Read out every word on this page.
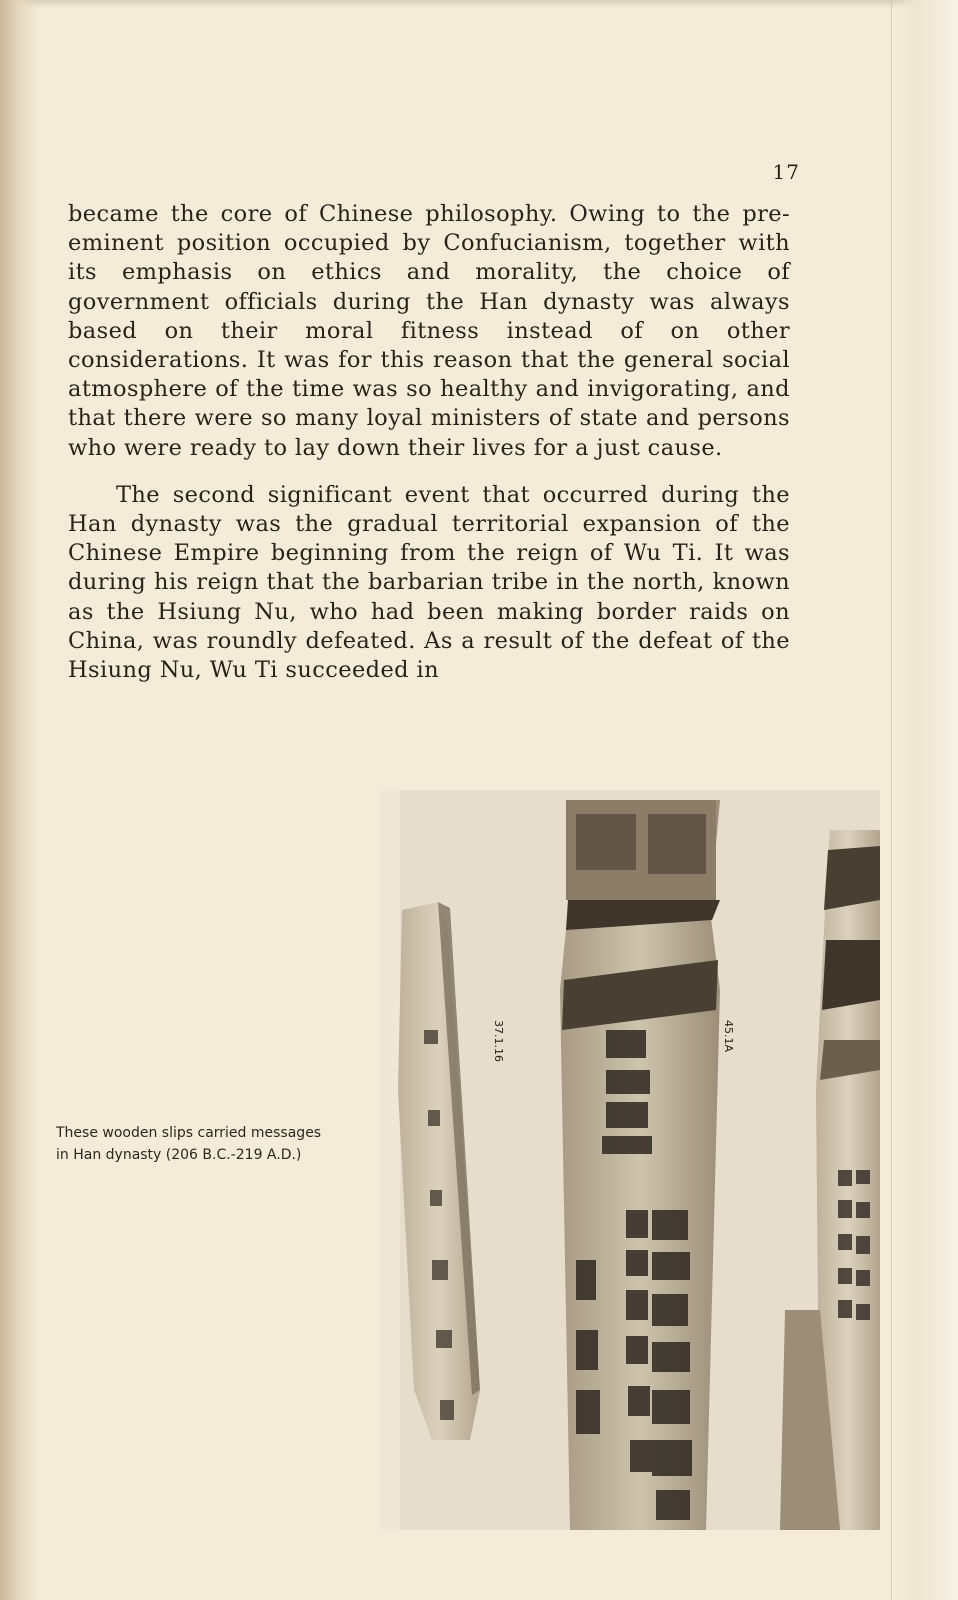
17

became the core of Chinese philosophy. Owing to the pre-eminent position occupied by Confucianism, together with its emphasis on ethics and morality, the choice of government officials during the Han dynasty was always based on their moral fitness instead of on other considerations. It was for this reason that the general social atmosphere of the time was so healthy and invigorating, and that there were so many loyal ministers of state and persons who were ready to lay down their lives for a just cause.

The second significant event that occurred during the Han dynasty was the gradual territorial expansion of the Chinese Empire beginning from the reign of Wu Ti. It was during his reign that the barbarian tribe in the north, known as the Hsiung Nu, who had been making border raids on China, was roundly defeated. As a result of the defeat of the Hsiung Nu, Wu Ti succeeded in

These wooden slips carried messages
in Han dynasty (206 B.C.-219 A.D.)
37.1.16	45.1A
